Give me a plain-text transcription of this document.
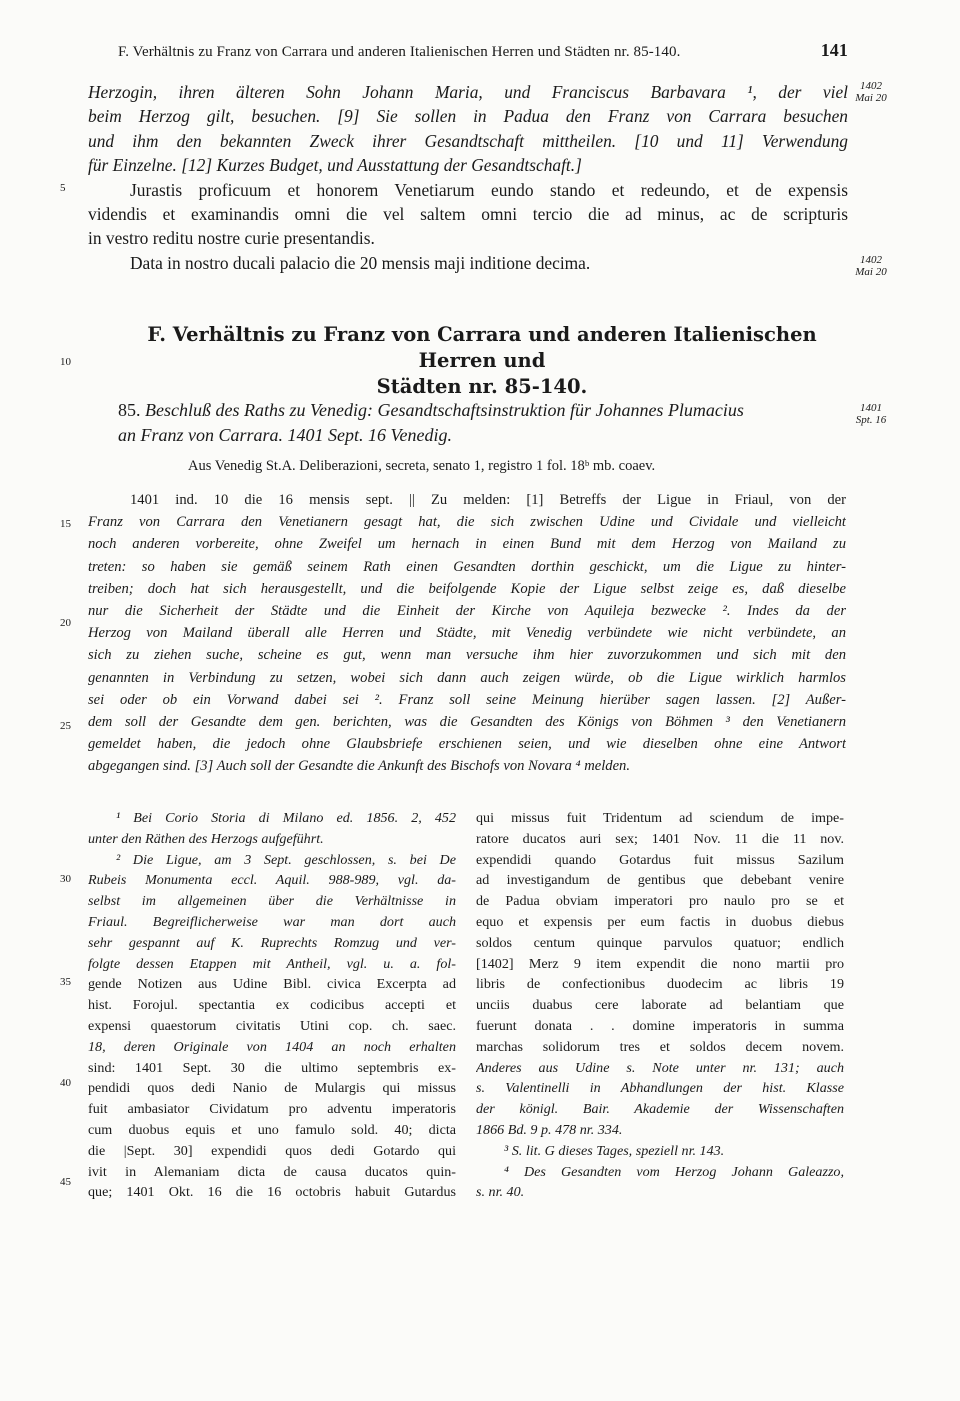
F. Verhältnis zu Franz von Carrara und anderen Italienischen Herren und Städten nr. 85-140.	141
Herzogin, ihren älteren Sohn Johann Maria, und Franciscus Barbavara ¹, der viel
beim Herzog gilt, besuchen. [9] Sie sollen in Padua den Franz von Carrara besuchen
und ihm den bekannten Zweck ihrer Gesandtschaft mittheilen. [10 und 11] Verwendung
für Einzelne. [12] Kurzes Budget, und Ausstattung der Gesandtschaft.]
Jurastis proficuum et honorem Venetiarum eundo stando et redeundo, et de expensis
videndis et examinandis omni die vel saltem omni tercio die ad minus, ac de scripturis
in vestro reditu nostre curie presentandis.
Data in nostro ducali palacio die 20 mensis maji inditione decima.
1402
Mai 20
1402
Mai 20
1401
Spt. 16
5
10
15
20
25
30
35
40
45
F. Verhältnis zu Franz von Carrara und anderen Italienischen Herren und
Städten nr. 85-140.
85. Beschluß des Raths zu Venedig: Gesandtschaftsinstruktion für Johannes Plumacius
an Franz von Carrara. 1401 Sept. 16 Venedig.
Aus Venedig St.A. Deliberazioni, secreta, senato 1, registro 1 fol. 18ᵇ mb. coaev.
1401 ind. 10 die 16 mensis sept. || Zu melden: [1] Betreffs der Ligue in Friaul, von der
Franz von Carrara den Venetianern gesagt hat, die sich zwischen Udine und Cividale und vielleicht
noch anderen vorbereite, ohne Zweifel um hernach in einen Bund mit dem Herzog von Mailand zu
treten: so haben sie gemäß seinem Rath einen Gesandten dorthin geschickt, um die Ligue zu hinter-
treiben; doch hat sich herausgestellt, und die beifolgende Kopie der Ligue selbst zeige es, daß dieselbe
nur die Sicherheit der Städte und die Einheit der Kirche von Aquileja bezwecke ². Indes da der
Herzog von Mailand überall alle Herren und Städte, mit Venedig verbündete wie nicht verbündete, an
sich zu ziehen suche, scheine es gut, wenn man versuche ihm hier zuvorzukommen und sich mit den
genannten in Verbindung zu setzen, wobei sich dann auch zeigen würde, ob die Ligue wirklich harmlos
sei oder ob ein Vorwand dabei sei ². Franz soll seine Meinung hierüber sagen lassen. [2] Außer-
dem soll der Gesandte dem gen. berichten, was die Gesandten des Königs von Böhmen ³ den Venetianern
gemeldet haben, die jedoch ohne Glaubsbriefe erschienen seien, und wie dieselben ohne eine Antwort
abgegangen sind. [3] Auch soll der Gesandte die Ankunft des Bischofs von Novara ⁴ melden.
¹ Bei Corio Storia di Milano ed. 1856. 2, 452
unter den Räthen des Herzogs aufgeführt.
² Die Ligue, am 3 Sept. geschlossen, s. bei De
Rubeis Monumenta eccl. Aquil. 988-989, vgl. da-
selbst im allgemeinen über die Verhältnisse in
Friaul. Begreiflicherweise war man dort auch
sehr gespannt auf K. Ruprechts Romzug und ver-
folgte dessen Etappen mit Antheil, vgl. u. a. fol-
gende Notizen aus Udine Bibl. civica Excerpta ad
hist. Forojul. spectantia ex codicibus accepti et
expensi quaestorum civitatis Utini cop. ch. saec.
18, deren Originale von 1404 an noch erhalten
sind: 1401 Sept. 30 die ultimo septembris ex-
pendidi quos dedi Nanio de Mulargis qui missus
fuit ambasiator Cividatum pro adventu imperatoris
cum duobus equis et uno famulo sold. 40; dicta
die |Sept. 30] expendidi quos dedi Gotardo qui
ivit in Alemaniam dicta de causa ducatos quin-
que; 1401 Okt. 16 die 16 octobris habuit Gutardus
qui missus fuit Tridentum ad sciendum de impe-
ratore ducatos auri sex; 1401 Nov. 11 die 11 nov.
expendidi quando Gotardus fuit missus Sazilum
ad investigandum de gentibus que debebant venire
de Padua obviam imperatori pro naulo pro se et
equo et expensis per eum factis in duobus diebus
soldos centum quinque parvulos quatuor; endlich
[1402] Merz 9 item expendit die nono martii pro
libris de confectionibus duodecim ac libris 19
unciis duabus cere laborate ad belantiam que
fuerunt donata . . domine imperatoris in summa
marchas solidorum tres et soldos decem novem.
Anderes aus Udine s. Note unter nr. 131; auch
s. Valentinelli in Abhandlungen der hist. Klasse
der königl. Bair. Akademie der Wissenschaften
1866 Bd. 9 p. 478 nr. 334.
³ S. lit. G dieses Tages, speziell nr. 143.
⁴ Des Gesandten vom Herzog Johann Galeazzo,
s. nr. 40.
